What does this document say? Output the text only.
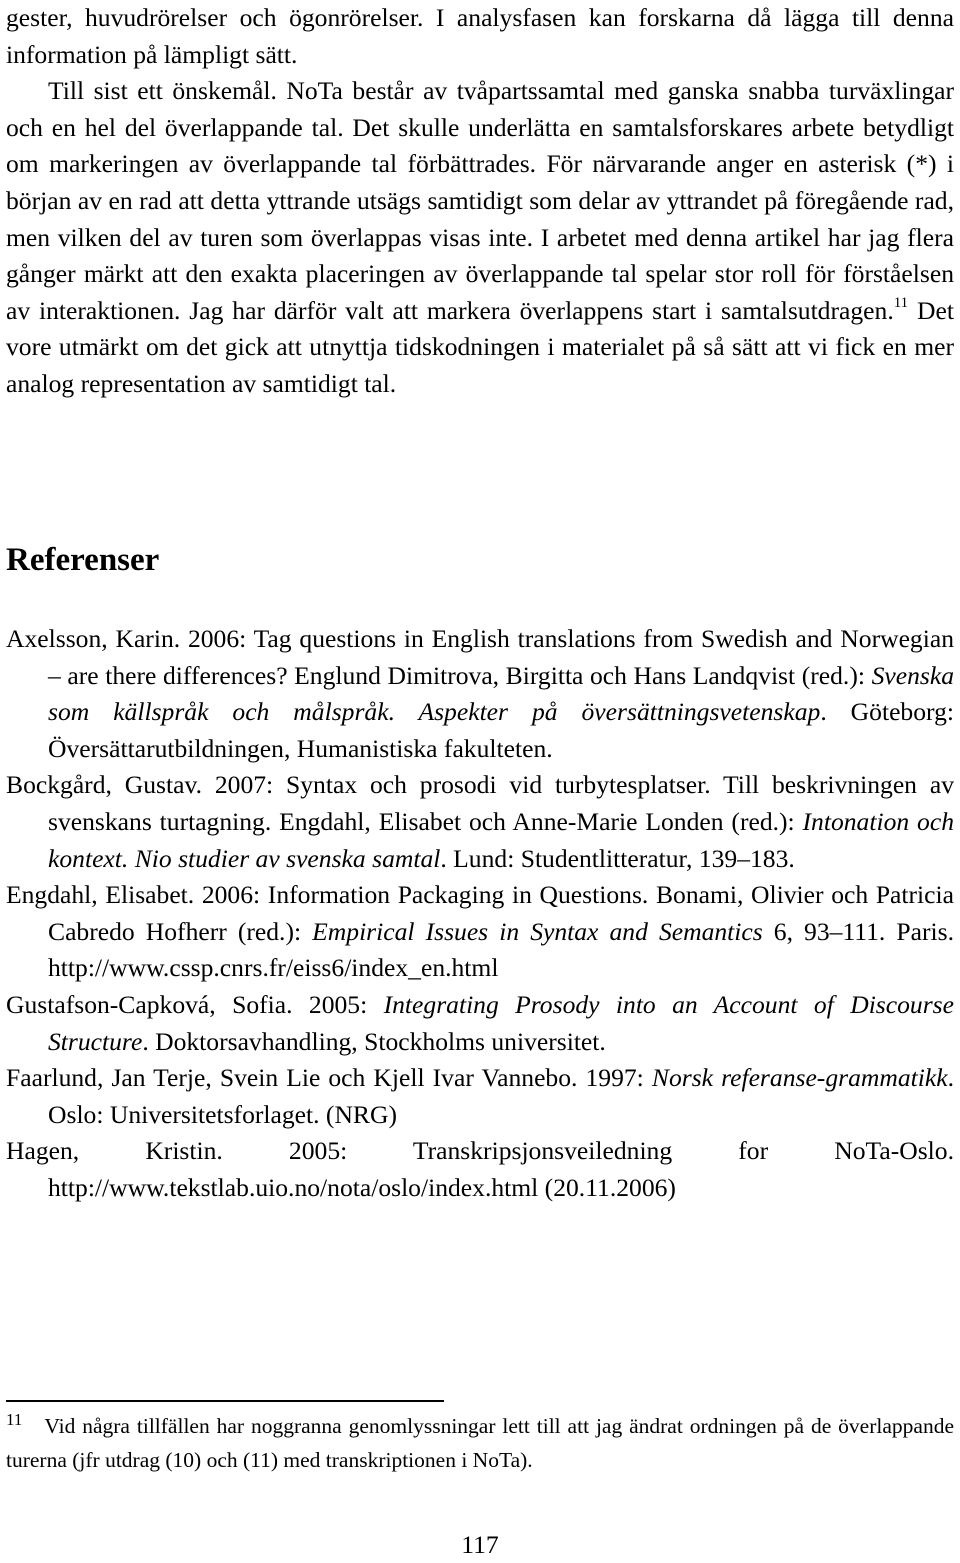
gester, huvudrörelser och ögonrörelser. I analysfasen kan forskarna då lägga till denna information på lämpligt sätt.
Till sist ett önskemål. NoTa består av tvåpartssamtal med ganska snabba turväxlingar och en hel del överlappande tal. Det skulle underlätta en samtalsforskares arbete betydligt om markeringen av överlappande tal förbättrades. För närvarande anger en asterisk (*) i början av en rad att detta yttrande utsägs samtidigt som delar av yttrandet på föregående rad, men vilken del av turen som överlappas visas inte. I arbetet med denna artikel har jag flera gånger märkt att den exakta placeringen av överlappande tal spelar stor roll för förståelsen av interaktionen. Jag har därför valt att markera överlappens start i samtalsutdragen.$^{11}$ Det vore utmärkt om det gick att utnyttja tidskodningen i materialet på så sätt att vi fick en mer analog representation av samtidigt tal.

Referenser

Axelsson, Karin. 2006: Tag questions in English translations from Swedish and Norwegian – are there differences? Englund Dimitrova, Birgitta och Hans Landqvist (red.): Svenska som källspråk och målspråk. Aspekter på översättningsvetenskap. Göteborg: Översättarutbildningen, Humanistiska fakulteten.

Bockgård, Gustav. 2007: Syntax och prosodi vid turbytesplatser. Till beskrivningen av svenskans turtagning. Engdahl, Elisabet och Anne-Marie Londen (red.): Intonation och kontext. Nio studier av svenska samtal. Lund: Studentlitteratur, 139–183.

Engdahl, Elisabet. 2006: Information Packaging in Questions. Bonami, Olivier och Patricia Cabredo Hofherr (red.): Empirical Issues in Syntax and Semantics 6, 93–111. Paris. http://www.cssp.cnrs.fr/eiss6/index_en.html

Gustafson-Capková, Sofia. 2005: Integrating Prosody into an Account of Discourse Structure. Doktorsavhandling, Stockholms universitet.

Faarlund, Jan Terje, Svein Lie och Kjell Ivar Vannebo. 1997: Norsk referanse-grammatikk. Oslo: Universitetsforlaget. (NRG)

Hagen, Kristin. 2005: Transkripsjonsveiledning for NoTa-Oslo. http://www.tekstlab.uio.no/nota/oslo/index.html (20.11.2006)

$^{11}$ Vid några tillfällen har noggranna genomlyssningar lett till att jag ändrat ordningen på de överlappande turerna (jfr utdrag (10) och (11) med transkriptionen i NoTa).

117
